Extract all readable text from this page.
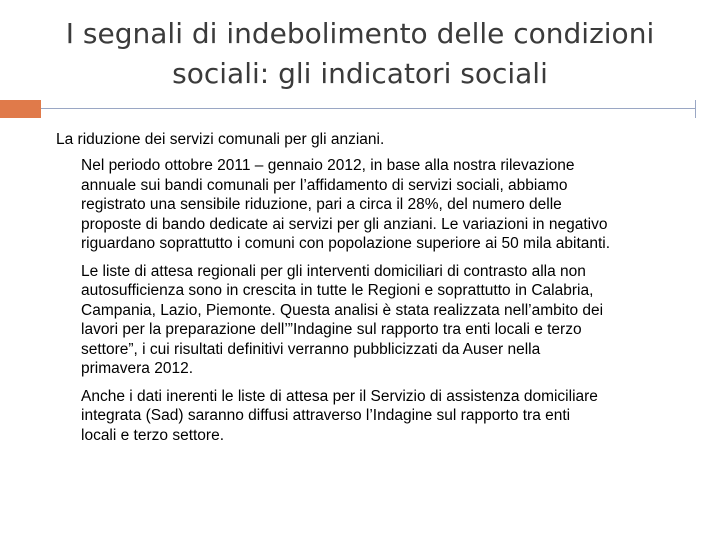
I segnali di indebolimento delle condizioni
sociali: gli indicatori sociali

La riduzione dei servizi comunali per gli anziani.

Nel periodo ottobre 2011 – gennaio 2012, in base alla nostra rilevazione
annuale sui bandi comunali per l’affidamento di servizi sociali, abbiamo
registrato una sensibile riduzione, pari a circa il 28%, del numero delle
proposte di bando dedicate ai servizi per gli anziani. Le variazioni in negativo
riguardano soprattutto i comuni con popolazione superiore ai 50 mila abitanti.
Le liste di attesa regionali per gli interventi domiciliari di contrasto alla non
autosufficienza sono in crescita in tutte le Regioni e soprattutto in Calabria,
Campania, Lazio, Piemonte. Questa analisi è stata realizzata nell’ambito dei
lavori per la preparazione dell’”Indagine sul rapporto tra enti locali e terzo
settore”, i cui risultati definitivi verranno pubblicizzati da Auser nella
primavera 2012.
Anche i dati inerenti le liste di attesa per il Servizio di assistenza domiciliare
integrata (Sad) saranno diffusi attraverso l’Indagine sul rapporto tra enti
locali e terzo settore.
